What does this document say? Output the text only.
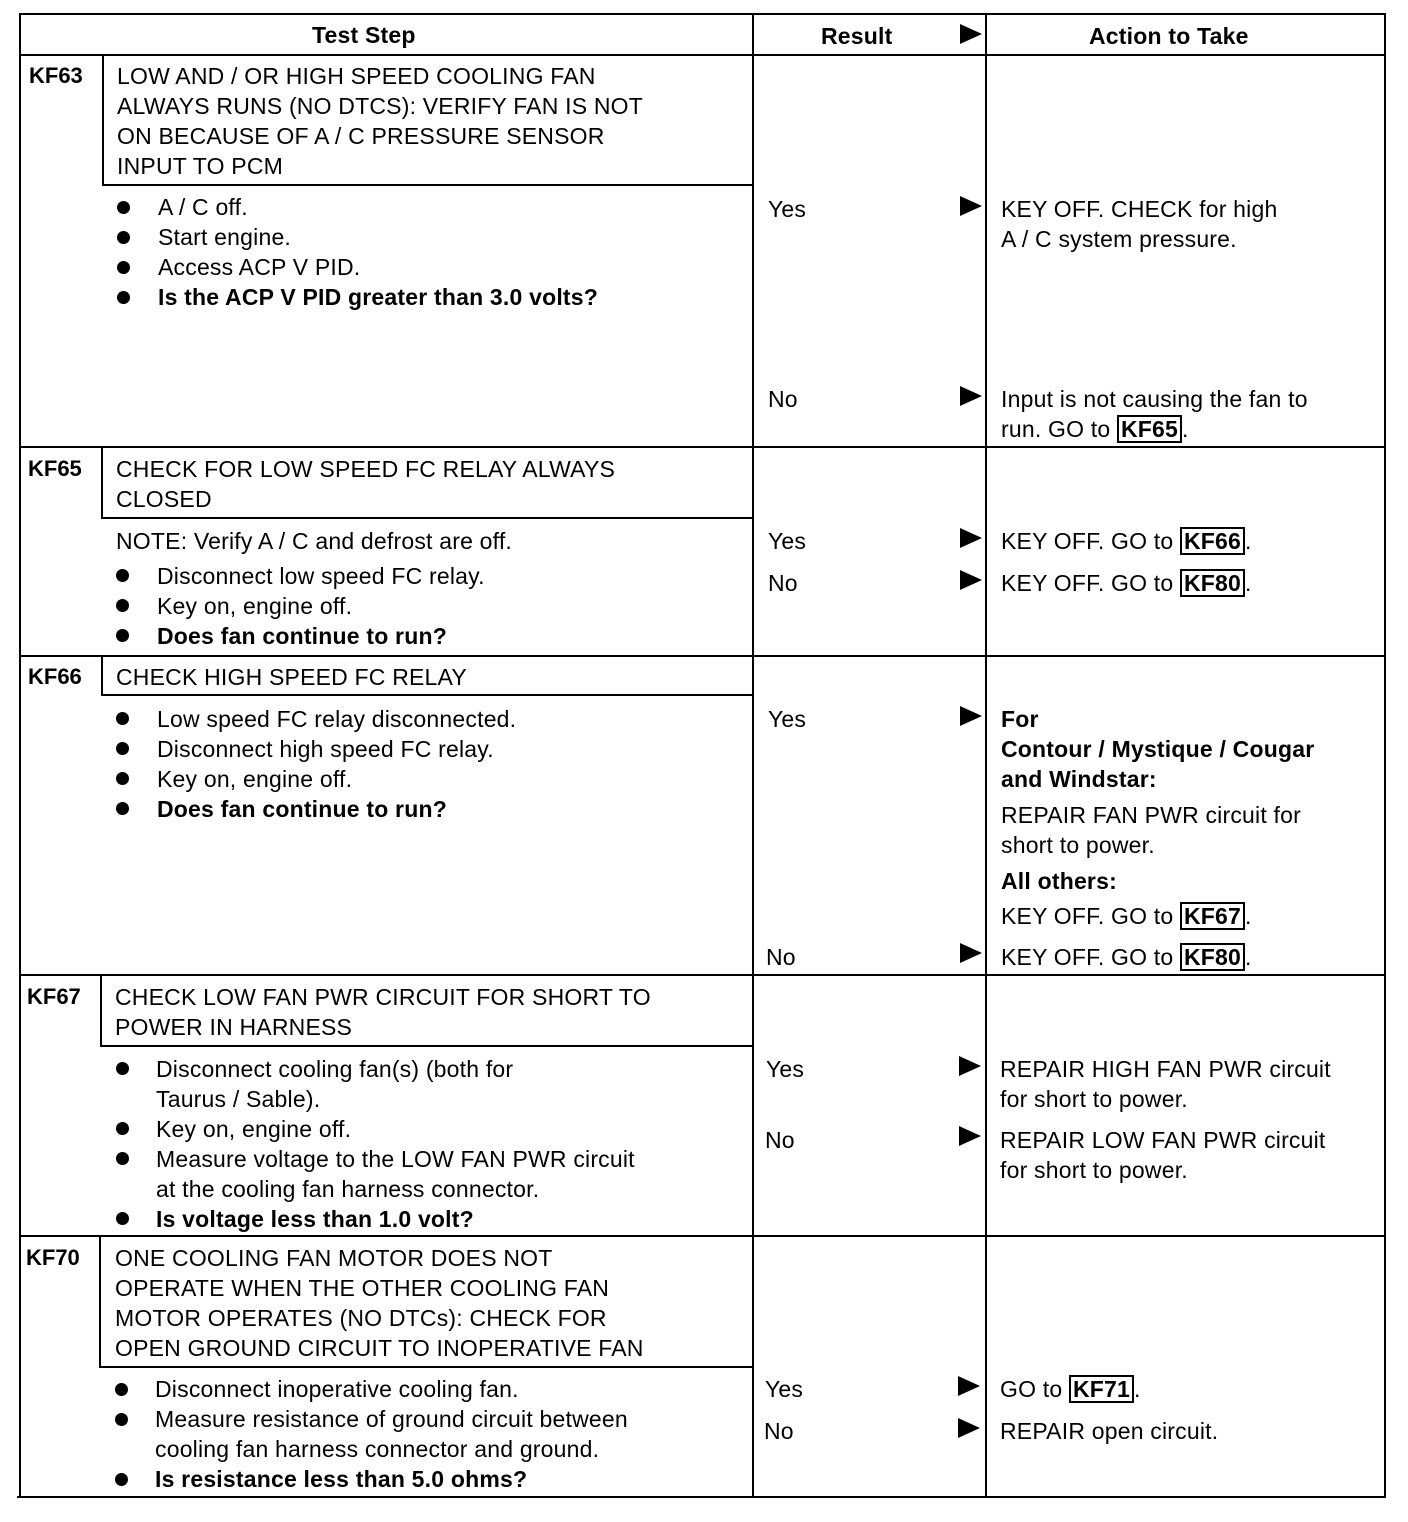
Test Step	Result	Action to Take
KF63 LOW AND / OR HIGH SPEED COOLING FAN
ALWAYS RUNS (NO DTCS): VERIFY FAN IS NOT
ON BECAUSE OF A / C PRESSURE SENSOR
INPUT TO PCM
A / C off.
Start engine.
Access ACP V PID.
Is the ACP V PID greater than 3.0 volts?
Yes	KEY OFF. CHECK for high
A / C system pressure.
No	Input is not causing the fan to
run. GO to KF65 .
KF65 CHECK FOR LOW SPEED FC RELAY ALWAYS
CLOSED
NOTE: Verify A / C and defrost are off.
Disconnect low speed FC relay.
Key on, engine off.
Does fan continue to run?
Yes	KEY OFF. GO to KF66 .
No	KEY OFF. GO to KF80 .
KF66 CHECK HIGH SPEED FC RELAY
Low speed FC relay disconnected.
Disconnect high speed FC relay.
Key on, engine off.
Does fan continue to run?
Yes	For
Contour / Mystique / Cougar
and Windstar:
REPAIR FAN PWR circuit for
short to power.
All others:
KEY OFF. GO to KF67 .
No	KEY OFF. GO to KF80 .
KF67 CHECK LOW FAN PWR CIRCUIT FOR SHORT TO
POWER IN HARNESS
Disconnect cooling fan(s) (both for
Taurus / Sable).
Key on, engine off.
Measure voltage to the LOW FAN PWR circuit
at the cooling fan harness connector.
Is voltage less than 1.0 volt?
Yes	REPAIR HIGH FAN PWR circuit
for short to power.
No	REPAIR LOW FAN PWR circuit
for short to power.
KF70 ONE COOLING FAN MOTOR DOES NOT
OPERATE WHEN THE OTHER COOLING FAN
MOTOR OPERATES (NO DTCs): CHECK FOR
OPEN GROUND CIRCUIT TO INOPERATIVE FAN
Disconnect inoperative cooling fan.
Measure resistance of ground circuit between
cooling fan harness connector and ground.
Is resistance less than 5.0 ohms?
Yes	GO to KF71 .
No	REPAIR open circuit.
